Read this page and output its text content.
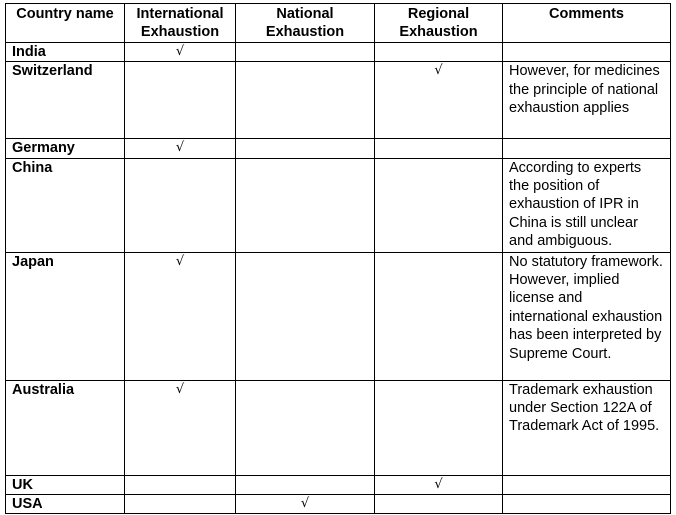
Country name	International Exhaustion	National Exhaustion	Regional Exhaustion	Comments
India	√			
Switzerland			√	However, for medicines the principle of national exhaustion applies
Germany	√			
China				According to experts the position of exhaustion of IPR in China is still unclear and ambiguous.
Japan	√			No statutory framework. However, implied license and international exhaustion has been interpreted by Supreme Court.
Australia	√			Trademark exhaustion under Section 122A of Trademark Act of 1995.
UK			√	
USA		√		
